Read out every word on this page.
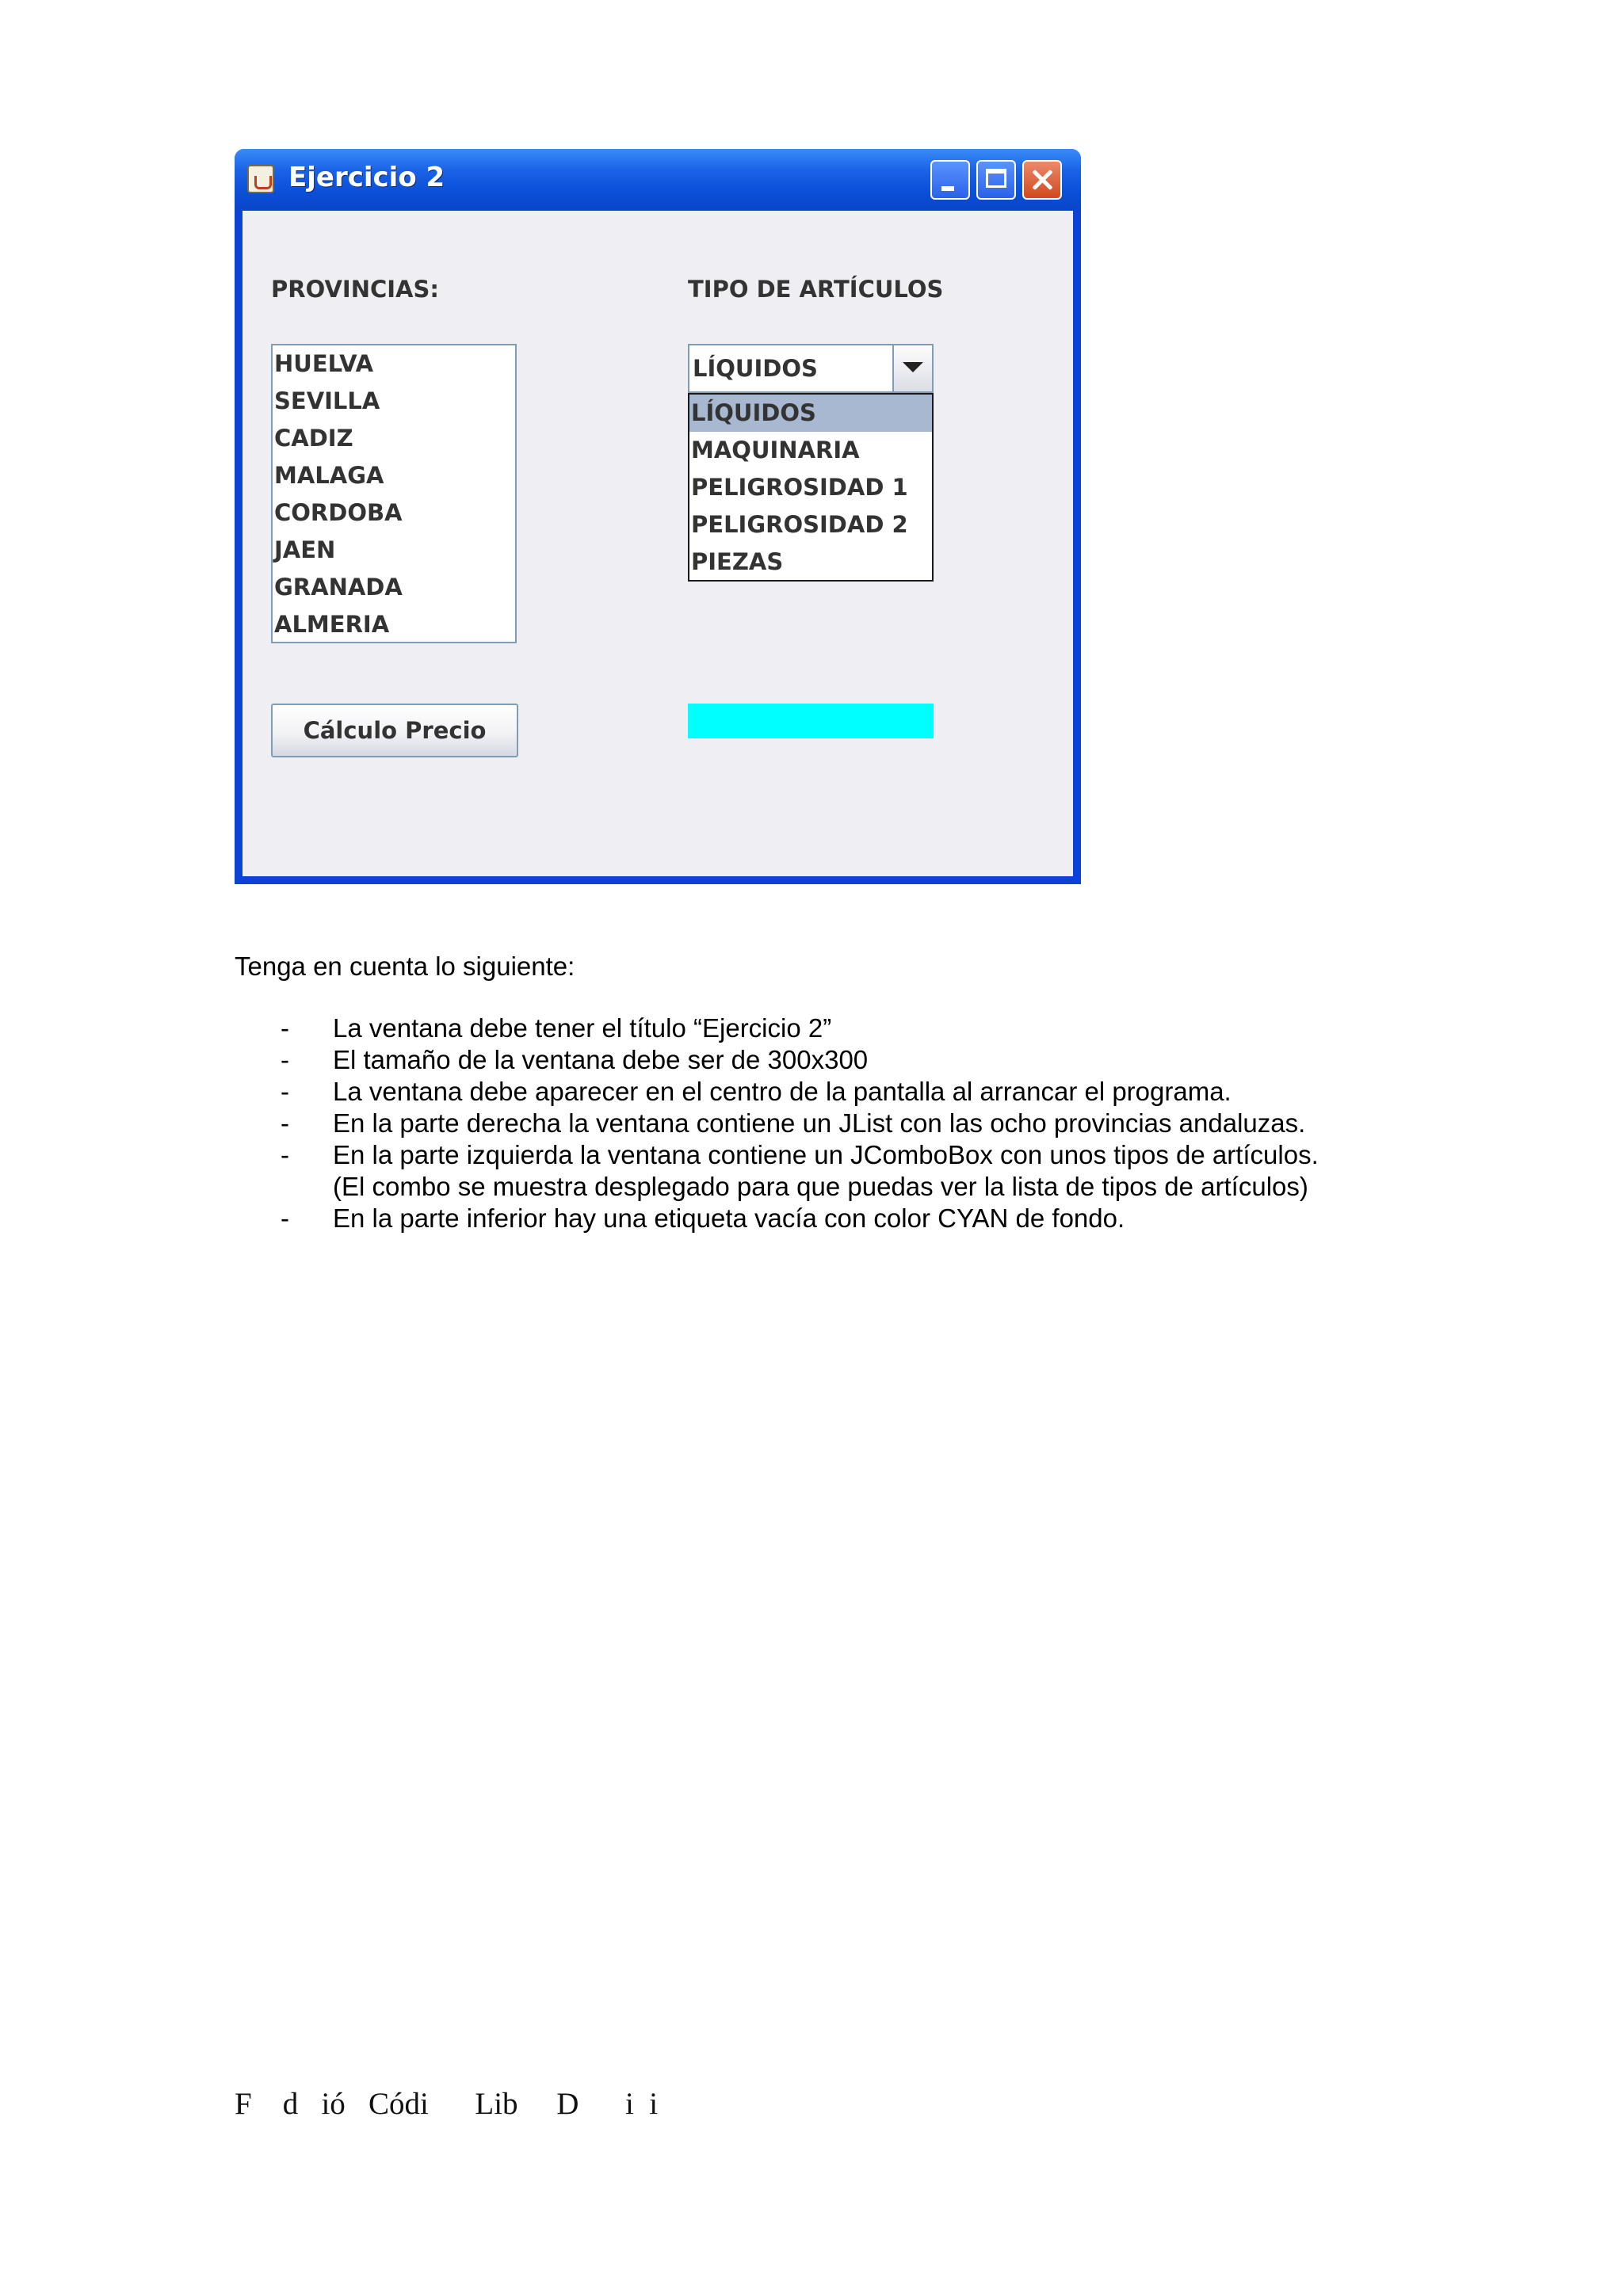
Ejercicio 2
PROVINCIAS:	TIPO DE ARTÍCULOS
HUELVA
SEVILLA
CADIZ
MALAGA
CORDOBA
JAEN
GRANADA
ALMERIA
LÍQUIDOS
LÍQUIDOS
MAQUINARIA
PELIGROSIDAD 1
PELIGROSIDAD 2
PIEZAS
Cálculo Precio
Tenga en cuenta lo siguiente:
- La ventana debe tener el título “Ejercicio 2”
- El tamaño de la ventana debe ser de 300x300
- La ventana debe aparecer en el centro de la pantalla al arrancar el programa.
- En la parte derecha la ventana contiene un JList con las ocho provincias andaluzas.
- En la parte izquierda la ventana contiene un JComboBox con unos tipos de artículos.
(El combo se muestra desplegado para que puedas ver la lista de tipos de artículos)
- En la parte inferior hay una etiqueta vacía con color CYAN de fondo.
F    d   ió   Códi      Lib     D      i  i
